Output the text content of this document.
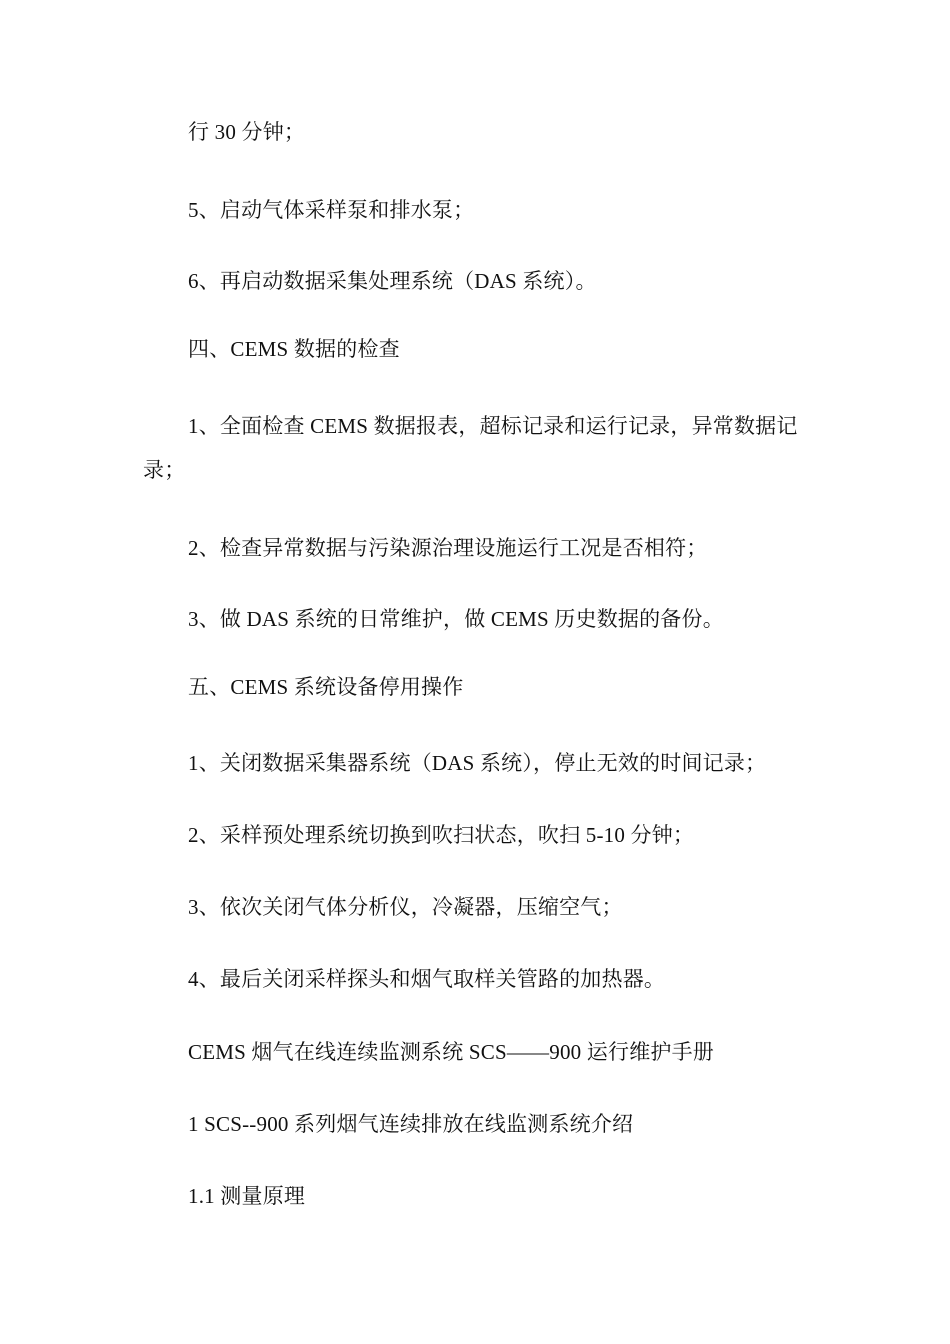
行 30 分钟；

5、启动气体采样泵和排水泵；

6、再启动数据采集处理系统（DAS 系统）。

四、CEMS 数据的检查

1、全面检查 CEMS 数据报表，超标记录和运行记录，异常数据记录；

2、检查异常数据与污染源治理设施运行工况是否相符；

3、做 DAS 系统的日常维护，做 CEMS 历史数据的备份。

五、CEMS 系统设备停用操作

1、关闭数据采集器系统（DAS 系统），停止无效的时间记录；

2、采样预处理系统切换到吹扫状态，吹扫 5-10 分钟；

3、依次关闭气体分析仪，冷凝器，压缩空气；

4、最后关闭采样探头和烟气取样关管路的加热器。

CEMS 烟气在线连续监测系统 SCS——900 运行维护手册

1 SCS--900 系列烟气连续排放在线监测系统介绍

1.1 测量原理
